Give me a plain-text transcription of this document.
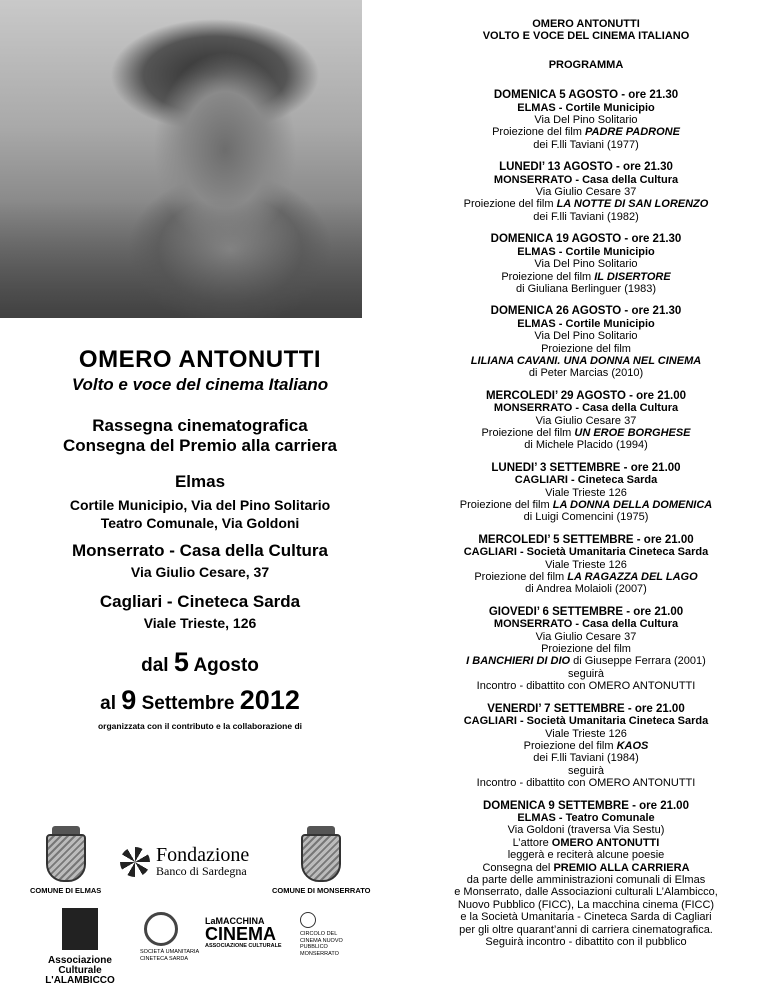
OMERO ANTONUTTI
Volto e voce del cinema Italiano
Rassegna cinematografica
Consegna del Premio alla carriera
Elmas
Cortile Municipio, Via del Pino Solitario
Teatro Comunale, Via Goldoni
Monserrato - Casa della Cultura
Via Giulio Cesare, 37
Cagliari - Cineteca Sarda
Viale Trieste, 126
dal 5 Agosto
al 9 Settembre 2012
organizzata con il contributo e la collaborazione di
COMUNE DI ELMAS
Fondazione
Banco di Sardegna
COMUNE DI MONSERRATO
Associazione Culturale
L'ALAMBICCO
SOCIETÀ UMANITARIA CINETECA SARDA
LaMACCHINA
CINEMA
ASSOCIAZIONE CULTURALE
CIRCOLO DEL CINEMA NUOVO PUBBLICO MONSERRATO
OMERO ANTONUTTI
VOLTO E VOCE DEL CINEMA ITALIANO
PROGRAMMA
DOMENICA 5 AGOSTO - ore 21.30
ELMAS - Cortile Municipio
Via Del Pino Solitario
Proiezione del film PADRE PADRONE
dei F.lli Taviani (1977)
LUNEDI’ 13 AGOSTO - ore 21.30
MONSERRATO - Casa della Cultura
Via Giulio Cesare 37
Proiezione del film LA NOTTE DI SAN LORENZO
dei F.lli Taviani (1982)
DOMENICA 19 AGOSTO - ore 21.30
ELMAS - Cortile Municipio
Via Del Pino Solitario
Proiezione del film IL DISERTORE
di Giuliana Berlinguer (1983)
DOMENICA 26 AGOSTO - ore 21.30
ELMAS - Cortile Municipio
Via Del Pino Solitario
Proiezione del film
LILIANA CAVANI. UNA DONNA NEL CINEMA
di Peter Marcias (2010)
MERCOLEDI’ 29 AGOSTO - ore 21.00
MONSERRATO - Casa della Cultura
Via Giulio Cesare 37
Proiezione del film UN EROE BORGHESE
di Michele Placido (1994)
LUNEDI’ 3 SETTEMBRE - ore 21.00
CAGLIARI - Cineteca Sarda
Viale Trieste 126
Proiezione del film LA DONNA DELLA DOMENICA
di Luigi Comencini (1975)
MERCOLEDI’ 5 SETTEMBRE - ore 21.00
CAGLIARI - Società Umanitaria Cineteca Sarda
Viale Trieste 126
Proiezione del film LA RAGAZZA DEL LAGO
di Andrea Molaioli (2007)
GIOVEDI’ 6 SETTEMBRE - ore 21.00
MONSERRATO - Casa della Cultura
Via Giulio Cesare 37
Proiezione del film
I BANCHIERI DI DIO di Giuseppe Ferrara (2001)
seguirà
Incontro - dibattito con OMERO ANTONUTTI
VENERDI’ 7 SETTEMBRE - ore 21.00
CAGLIARI - Società Umanitaria Cineteca Sarda
Viale Trieste 126
Proiezione del film KAOS
dei F.lli Taviani (1984)
seguirà
Incontro - dibattito con OMERO ANTONUTTI
DOMENICA 9 SETTEMBRE - ore 21.00
ELMAS - Teatro Comunale
Via Goldoni (traversa Via Sestu)
L’attore OMERO ANTONUTTI
leggerà e reciterà alcune poesie
Consegna del PREMIO ALLA CARRIERA
da parte delle amministrazioni comunali di Elmas
e Monserrato, dalle Associazioni culturali L’Alambicco,
Nuovo Pubblico (FICC), La macchina cinema (FICC)
e la Società Umanitaria - Cineteca Sarda di Cagliari
per gli oltre quarant’anni di carriera cinematografica.
Seguirà incontro - dibattito con il pubblico
